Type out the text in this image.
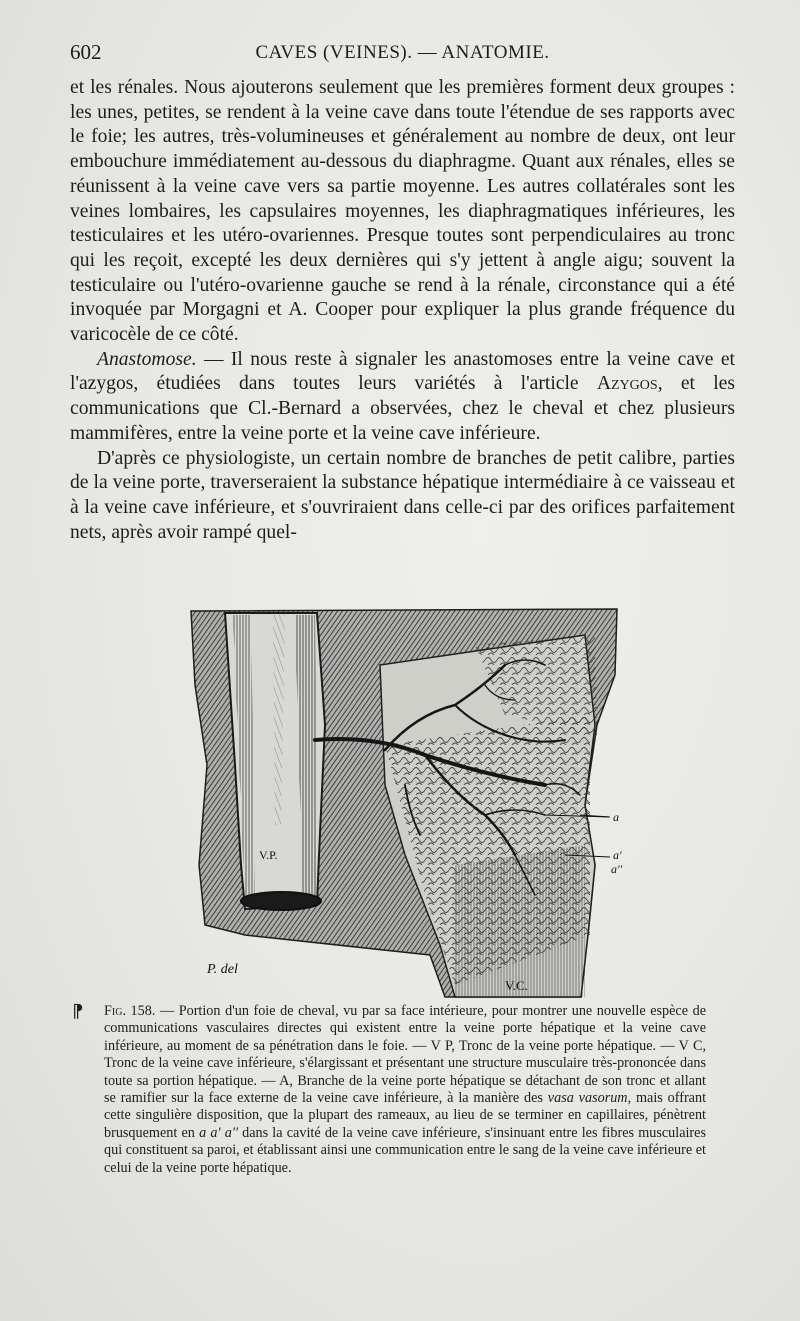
602	CAVES (VEINES). — ANATOMIE.

et les rénales. Nous ajouterons seulement que les premières forment deux groupes : les unes, petites, se rendent à la veine cave dans toute l'étendue de ses rapports avec le foie; les autres, très-volumineuses et généralement au nombre de deux, ont leur embouchure immédiatement au-dessous du diaphragme. Quant aux rénales, elles se réunissent à la veine cave vers sa partie moyenne. Les autres collatérales sont les veines lombaires, les capsulaires moyennes, les diaphragmatiques inférieures, les testiculaires et les utéro-ovariennes. Presque toutes sont perpendiculaires au tronc qui les reçoit, excepté les deux dernières qui s'y jettent à angle aigu; souvent la testiculaire ou l'utéro-ovarienne gauche se rend à la rénale, circonstance qui a été invoquée par Morgagni et A. Cooper pour expliquer la plus grande fréquence du varicocèle de ce côté.

Anastomose. — Il nous reste à signaler les anastomoses entre la veine cave et l'azygos, étudiées dans toutes leurs variétés à l'article Azygos, et les communications que Cl.-Bernard a observées, chez le cheval et chez plusieurs mammifères, entre la veine porte et la veine cave inférieure.

D'après ce physiologiste, un certain nombre de branches de petit calibre, parties de la veine porte, traverseraient la substance hépatique intermédiaire à ce vaisseau et à la veine cave inférieure, et s'ouvriraient dans celle-ci par des orifices parfaitement nets, après avoir rampé quel-

V.P.
V.C.
a
a'
a''
P. del
⁋ Fig. 158. — Portion d'un foie de cheval, vu par sa face intérieure, pour montrer une nouvelle espèce de communications vasculaires directes qui existent entre la veine porte hépatique et la veine cave inférieure, au moment de sa pénétration dans le foie. — V P, Tronc de la veine porte hépatique. — V C, Tronc de la veine cave inférieure, s'élargissant et présentant une structure musculaire très-prononcée dans toute sa portion hépatique. — A, Branche de la veine porte hépatique se détachant de son tronc et allant se ramifier sur la face externe de la veine cave inférieure, à la manière des vasa vasorum, mais offrant cette singulière disposition, que la plupart des rameaux, au lieu de se terminer en capillaires, pénètrent brusquement en a a' a'' dans la cavité de la veine cave inférieure, s'insinuant entre les fibres musculaires qui constituent sa paroi, et établissant ainsi une communication entre le sang de la veine cave inférieure et celui de la veine porte hépatique.
